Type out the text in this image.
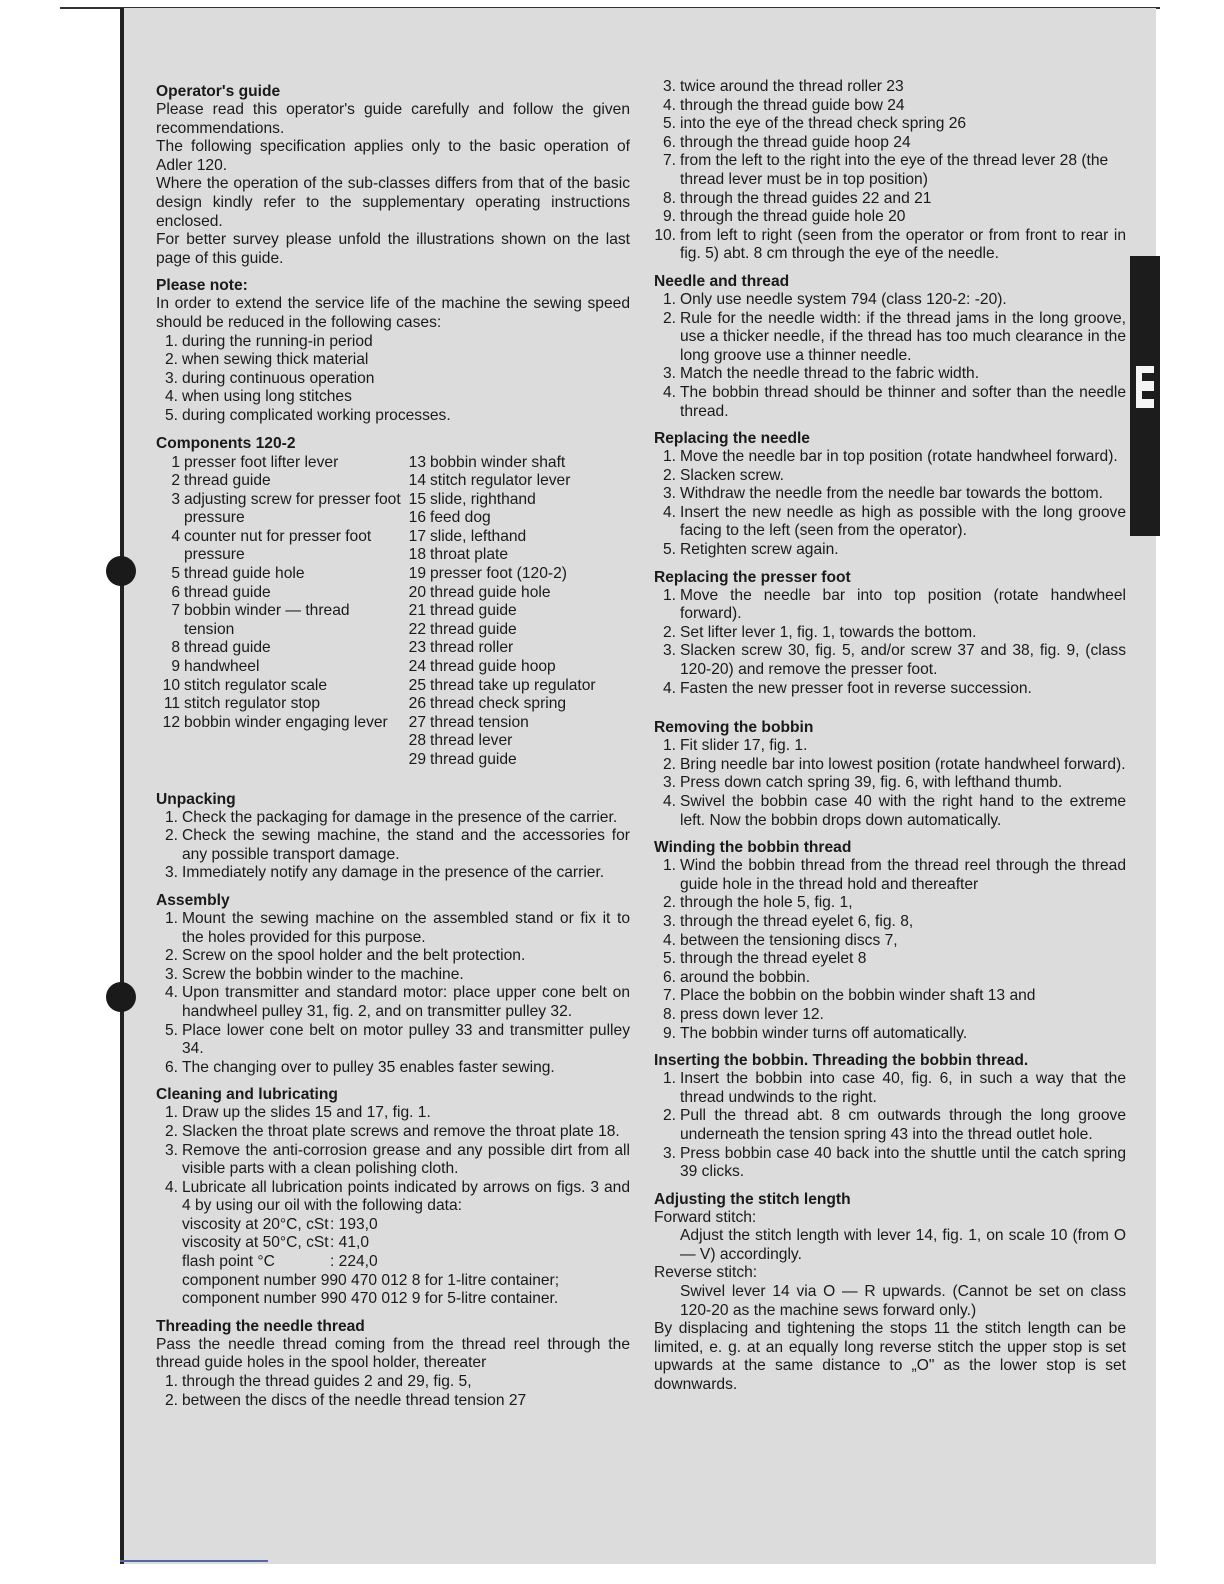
Operator's guide

Please read this operator's guide carefully and follow the given recommendations.

The following specification applies only to the basic operation of Adler 120.

Where the operation of the sub-classes differs from that of the basic design kindly refer to the supplementary operating instructions enclosed.

For better survey please unfold the illustrations shown on the last page of this guide.

Please note:

In order to extend the service life of the machine the sewing speed should be reduced in the following cases:

1. during the running-in period
2. when sewing thick material
3. during continuous operation
4. when using long stitches
5. during complicated working processes.
Components 120-2
1 presser foot lifter lever
2 thread guide
3 adjusting screw for presser foot pressure
4 counter nut for presser foot pressure
5 thread guide hole
6 thread guide
7 bobbin winder — thread tension
8 thread guide
9 handwheel
10 stitch regulator scale
11 stitch regulator stop
12 bobbin winder engaging lever
13 bobbin winder shaft
14 stitch regulator lever
15 slide, righthand
16 feed dog
17 slide, lefthand
18 throat plate
19 presser foot (120-2)
20 thread guide hole
21 thread guide
22 thread guide
23 thread roller
24 thread guide hoop
25 thread take up regulator
26 thread check spring
27 thread tension
28 thread lever
29 thread guide
Unpacking
1. Check the packaging for damage in the presence of the carrier.
2. Check the sewing machine, the stand and the accessories for any possible transport damage.
3. Immediately notify any damage in the presence of the carrier.
Assembly
1. Mount the sewing machine on the assembled stand or fix it to the holes provided for this purpose.
2. Screw on the spool holder and the belt protection.
3. Screw the bobbin winder to the machine.
4. Upon transmitter and standard motor: place upper cone belt on handwheel pulley 31, fig. 2, and on transmitter pulley 32.
5. Place lower cone belt on motor pulley 33 and transmitter pulley 34.
6. The changing over to pulley 35 enables faster sewing.
Cleaning and lubricating
1. Draw up the slides 15 and 17, fig. 1.
2. Slacken the throat plate screws and remove the throat plate 18.
3. Remove the anti-corrosion grease and any possible dirt from all visible parts with a clean polishing cloth.
4. Lubricate all lubrication points indicated by arrows on figs. 3 and 4 by using our oil with the following data:
viscosity at 20°C, cSt : 193,0
viscosity at 50°C, cSt : 41,0
flash point °C	: 224,0

component number 990 470 012 8 for 1-litre container;

component number 990 470 012 9 for 5-litre container.

Threading the needle thread

Pass the needle thread coming from the thread reel through the thread guide holes in the spool holder, thereater

1. through the thread guides 2 and 29, fig. 5,
2. between the discs of the needle thread tension 27
3. twice around the thread roller 23
4. through the thread guide bow 24
5. into the eye of the thread check spring 26
6. through the thread guide hoop 24
7. from the left to the right into the eye of the thread lever 28 (the thread lever must be in top position)
8. through the thread guides 22 and 21
9. through the thread guide hole 20
10. from left to right (seen from the operator or from front to rear in fig. 5) abt. 8 cm through the eye of the needle.
Needle and thread
1. Only use needle system 794 (class 120-2: -20).
2. Rule for the needle width: if the thread jams in the long groove, use a thicker needle, if the thread has too much clearance in the long groove use a thinner needle.
3. Match the needle thread to the fabric width.
4. The bobbin thread should be thinner and softer than the needle thread.
Replacing the needle
1. Move the needle bar in top position (rotate handwheel forward).
2. Slacken screw.
3. Withdraw the needle from the needle bar towards the bottom.
4. Insert the new needle as high as possible with the long groove facing to the left (seen from the operator).
5. Retighten screw again.
Replacing the presser foot
1. Move the needle bar into top position (rotate handwheel forward).
2. Set lifter lever 1, fig. 1, towards the bottom.
3. Slacken screw 30, fig. 5, and/or screw 37 and 38, fig. 9, (class 120-20) and remove the presser foot.
4. Fasten the new presser foot in reverse succession.
Removing the bobbin
1. Fit slider 17, fig. 1.
2. Bring needle bar into lowest position (rotate handwheel forward).
3. Press down catch spring 39, fig. 6, with lefthand thumb.
4. Swivel the bobbin case 40 with the right hand to the extreme left. Now the bobbin drops down automatically.
Winding the bobbin thread
1. Wind the bobbin thread from the thread reel through the thread guide hole in the thread hold and thereafter
2. through the hole 5, fig. 1,
3. through the thread eyelet 6, fig. 8,
4. between the tensioning discs 7,
5. through the thread eyelet 8
6. around the bobbin.
7. Place the bobbin on the bobbin winder shaft 13 and
8. press down lever 12.
9. The bobbin winder turns off automatically.
Inserting the bobbin. Threading the bobbin thread.
1. Insert the bobbin into case 40, fig. 6, in such a way that the thread undwinds to the right.
2. Pull the thread abt. 8 cm outwards through the long groove underneath the tension spring 43 into the thread outlet hole.
3. Press bobbin case 40 back into the shuttle until the catch spring 39 clicks.
Adjusting the stitch length

Forward stitch:

Adjust the stitch length with lever 14, fig. 1, on scale 10 (from O — V) accordingly.

Reverse stitch:

Swivel lever 14 via O — R upwards. (Cannot be set on class 120-20 as the machine sews forward only.)

By displacing and tightening the stops 11 the stitch length can be limited, e. g. at an equally long reverse stitch the upper stop is set upwards at the same distance to „O" as the lower stop is set downwards.
